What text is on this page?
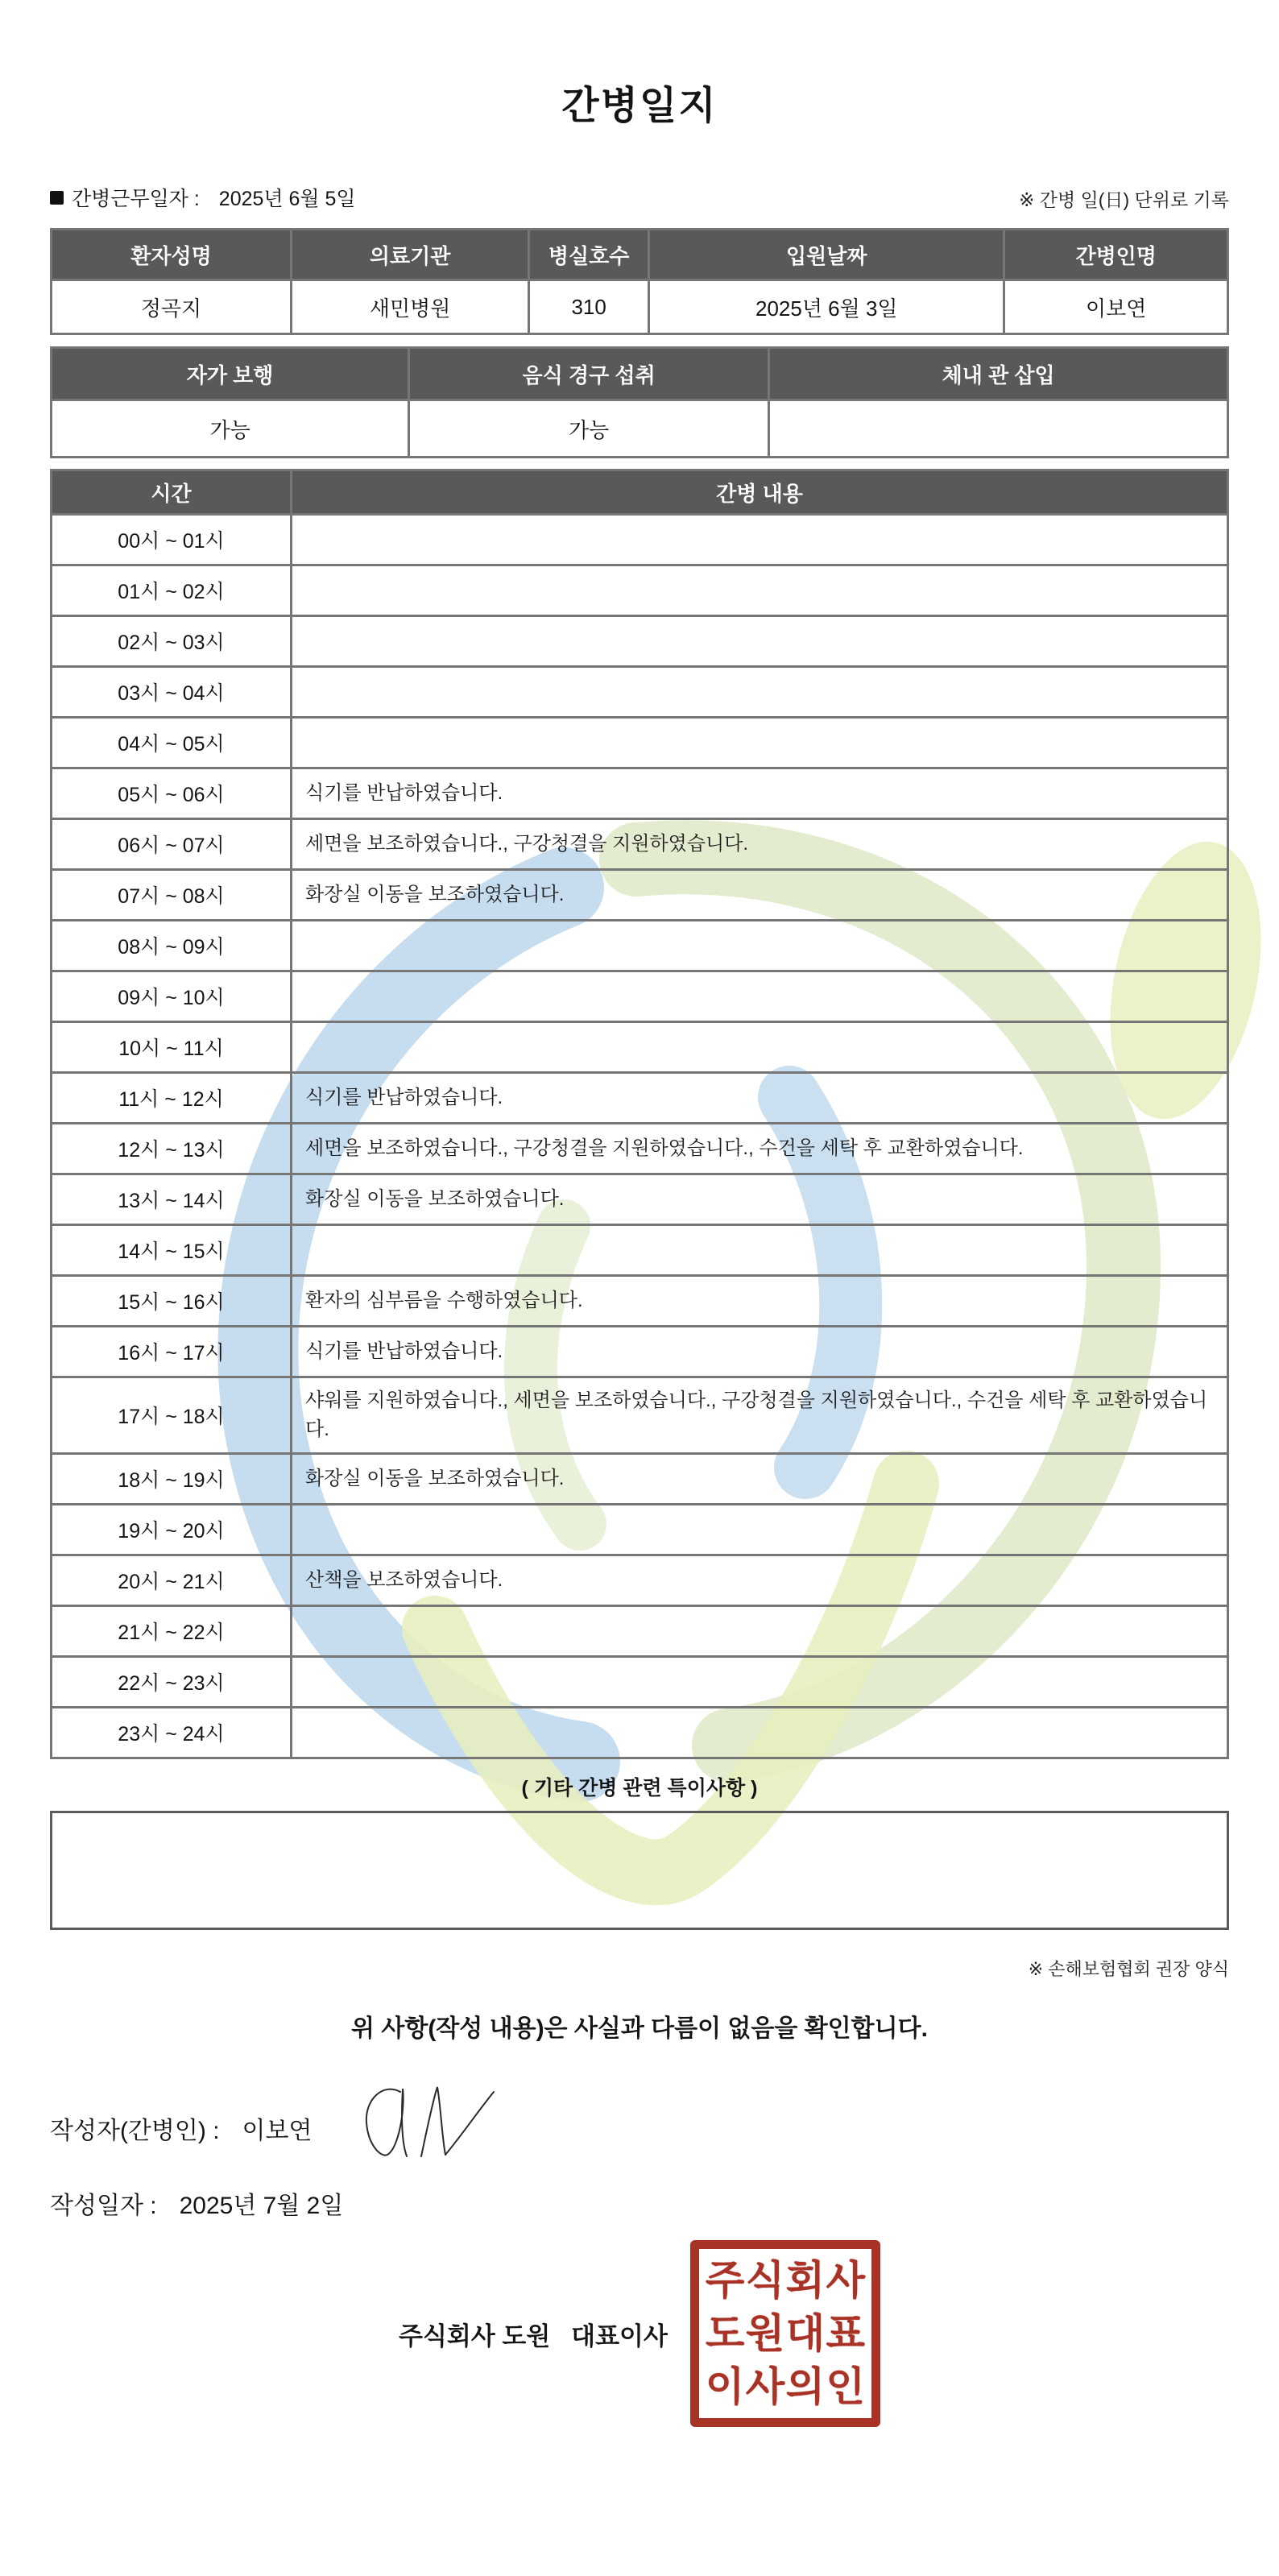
간병일지
간병근무일자 : 2025년 6월 5일	※ 간병 일(日) 단위로 기록
환자성명	의료기관	병실호수	입원날짜	간병인명
정곡지	새민병원	310	2025년 6월 3일	이보연
자가 보행	음식 경구 섭취	체내 관 삽입
가능	가능	
시간	간병 내용
00시 ~ 01시	
01시 ~ 02시	
02시 ~ 03시	
03시 ~ 04시	
04시 ~ 05시	
05시 ~ 06시	식기를 반납하였습니다.
06시 ~ 07시	세면을 보조하였습니다., 구강청결을 지원하였습니다.
07시 ~ 08시	화장실 이동을 보조하였습니다.
08시 ~ 09시	
09시 ~ 10시	
10시 ~ 11시	
11시 ~ 12시	식기를 반납하였습니다.
12시 ~ 13시	세면을 보조하였습니다., 구강청결을 지원하였습니다., 수건을 세탁 후 교환하였습니다.
13시 ~ 14시	화장실 이동을 보조하였습니다.
14시 ~ 15시	
15시 ~ 16시	환자의 심부름을 수행하였습니다.
16시 ~ 17시	식기를 반납하였습니다.
17시 ~ 18시	샤워를 지원하였습니다., 세면을 보조하였습니다., 구강청결을 지원하였습니다., 수건을 세탁 후 교환하였습니다.
18시 ~ 19시	화장실 이동을 보조하였습니다.
19시 ~ 20시	
20시 ~ 21시	산책을 보조하였습니다.
21시 ~ 22시	
22시 ~ 23시	
23시 ~ 24시	
( 기타 간병 관련 특이사항 )
※ 손해보험협회 권장 양식
위 사항(작성 내용)은 사실과 다름이 없음을 확인합니다.
작성자(간병인) : 이보연
작성일자 : 2025년 7월 2일
주식회사 도원   대표이사
주 식 회 사
도 원 대 표
이 사 의 인
